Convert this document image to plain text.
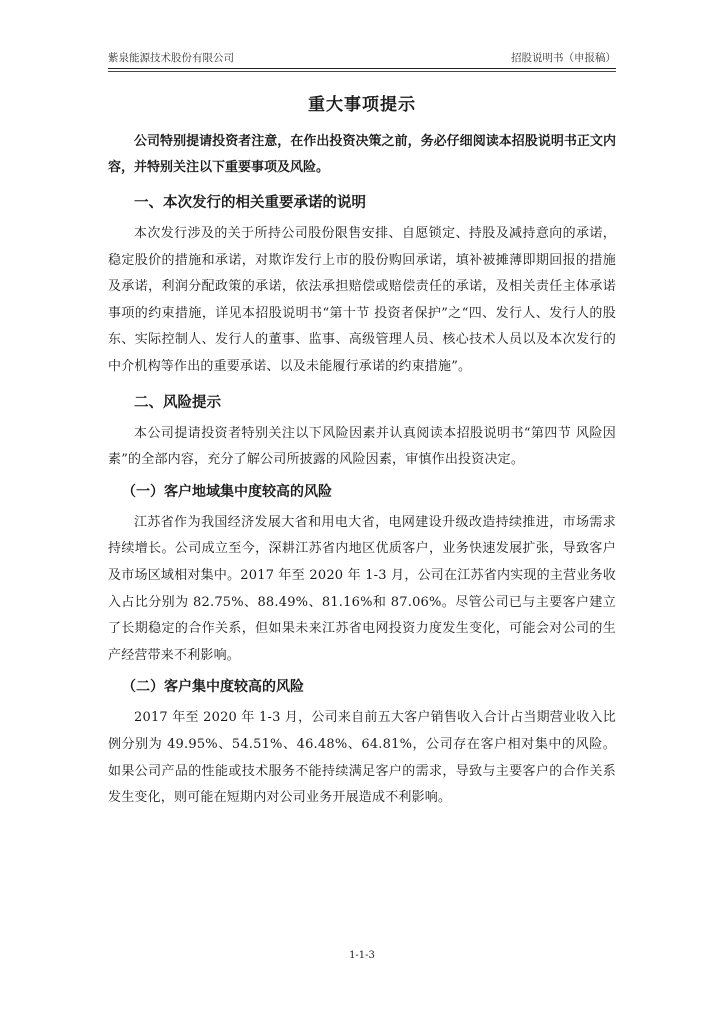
紫泉能源技术股份有限公司	招股说明书（申报稿）
重大事项提示

公司特别提请投资者注意，在作出投资决策之前，务必仔细阅读本招股说明书正文内容，并特别关注以下重要事项及风险。

一、本次发行的相关重要承诺的说明

本次发行涉及的关于所持公司股份限售安排、自愿锁定、持股及减持意向的承诺，稳定股价的措施和承诺，对欺诈发行上市的股份购回承诺，填补被摊薄即期回报的措施及承诺，利润分配政策的承诺，依法承担赔偿或赔偿责任的承诺，及相关责任主体承诺事项的约束措施，详见本招股说明书“第十节 投资者保护”之“四、发行人、发行人的股东、实际控制人、发行人的董事、监事、高级管理人员、核心技术人员以及本次发行的中介机构等作出的重要承诺、以及未能履行承诺的约束措施”。

二、风险提示

本公司提请投资者特别关注以下风险因素并认真阅读本招股说明书“第四节 风险因素”的全部内容，充分了解公司所披露的风险因素，审慎作出投资决定。

（一）客户地域集中度较高的风险

江苏省作为我国经济发展大省和用电大省，电网建设升级改造持续推进，市场需求持续增长。公司成立至今，深耕江苏省内地区优质客户，业务快速发展扩张，导致客户及市场区域相对集中。2017 年至 2020 年 1-3 月，公司在江苏省内实现的主营业务收入占比分别为 82.75%、88.49%、81.16%和 87.06%。尽管公司已与主要客户建立了长期稳定的合作关系，但如果未来江苏省电网投资力度发生变化，可能会对公司的生产经营带来不利影响。

（二）客户集中度较高的风险

2017 年至 2020 年 1-3 月，公司来自前五大客户销售收入合计占当期营业收入比例分别为 49.95%、54.51%、46.48%、64.81%，公司存在客户相对集中的风险。如果公司产品的性能或技术服务不能持续满足客户的需求，导致与主要客户的合作关系发生变化，则可能在短期内对公司业务开展造成不利影响。

1-1-3
